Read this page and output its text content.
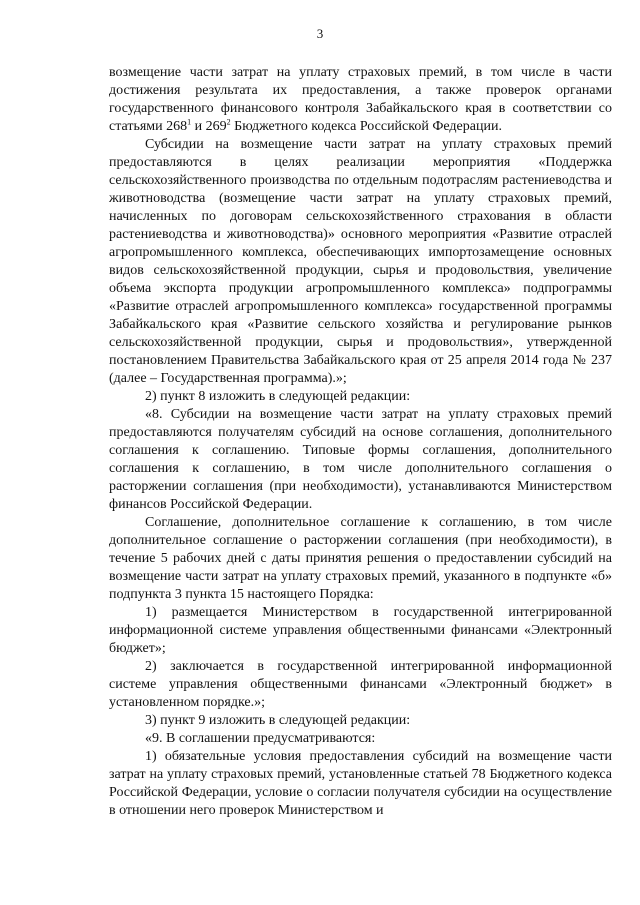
3

возмещение части затрат на уплату страховых премий, в том числе в части достижения результата их предоставления, а также проверок органами государственного финансового контроля Забайкальского края в соответствии со статьями $268^1$ и $269^2$ Бюджетного кодекса Российской Федерации.

Субсидии на возмещение части затрат на уплату страховых премий предоставляются в целях реализации мероприятия «Поддержка сельскохозяйственного производства по отдельным подотраслям растениеводства и животноводства (возмещение части затрат на уплату страховых премий, начисленных по договорам сельскохозяйственного страхования в области растениеводства и животноводства)» основного мероприятия «Развитие отраслей агропромышленного комплекса, обеспечивающих импортозамещение основных видов сельскохозяйственной продукции, сырья и продовольствия, увеличение объема экспорта продукции агропромышленного комплекса» подпрограммы «Развитие отраслей агропромышленного комплекса» государственной программы Забайкальского края «Развитие сельского хозяйства и регулирование рынков сельскохозяйственной продукции, сырья и продовольствия», утвержденной постановлением Правительства Забайкальского края от 25 апреля 2014 года № 237 (далее – Государственная программа).»;

2) пункт 8 изложить в следующей редакции:

«8. Субсидии на возмещение части затрат на уплату страховых премий предоставляются получателям субсидий на основе соглашения, дополнительного соглашения к соглашению. Типовые формы соглашения, дополнительного соглашения к соглашению, в том числе дополнительного соглашения о расторжении соглашения (при необходимости), устанавливаются Министерством финансов Российской Федерации.

Соглашение, дополнительное соглашение к соглашению, в том числе дополнительное соглашение о расторжении соглашения (при необходимости), в течение 5 рабочих дней с даты принятия решения о предоставлении субсидий на возмещение части затрат на уплату страховых премий, указанного в подпункте «б» подпункта 3 пункта 15 настоящего Порядка:

1) размещается Министерством в государственной интегрированной информационной системе управления общественными финансами «Электронный бюджет»;

2) заключается в государственной интегрированной информационной системе управления общественными финансами «Электронный бюджет» в установленном порядке.»;

3) пункт 9 изложить в следующей редакции:

«9. В соглашении предусматриваются:

1) обязательные условия предоставления субсидий на возмещение части затрат на уплату страховых премий, установленные статьей 78 Бюджетного кодекса Российской Федерации, условие о согласии получателя субсидии на осуществление в отношении него проверок Министерством и
